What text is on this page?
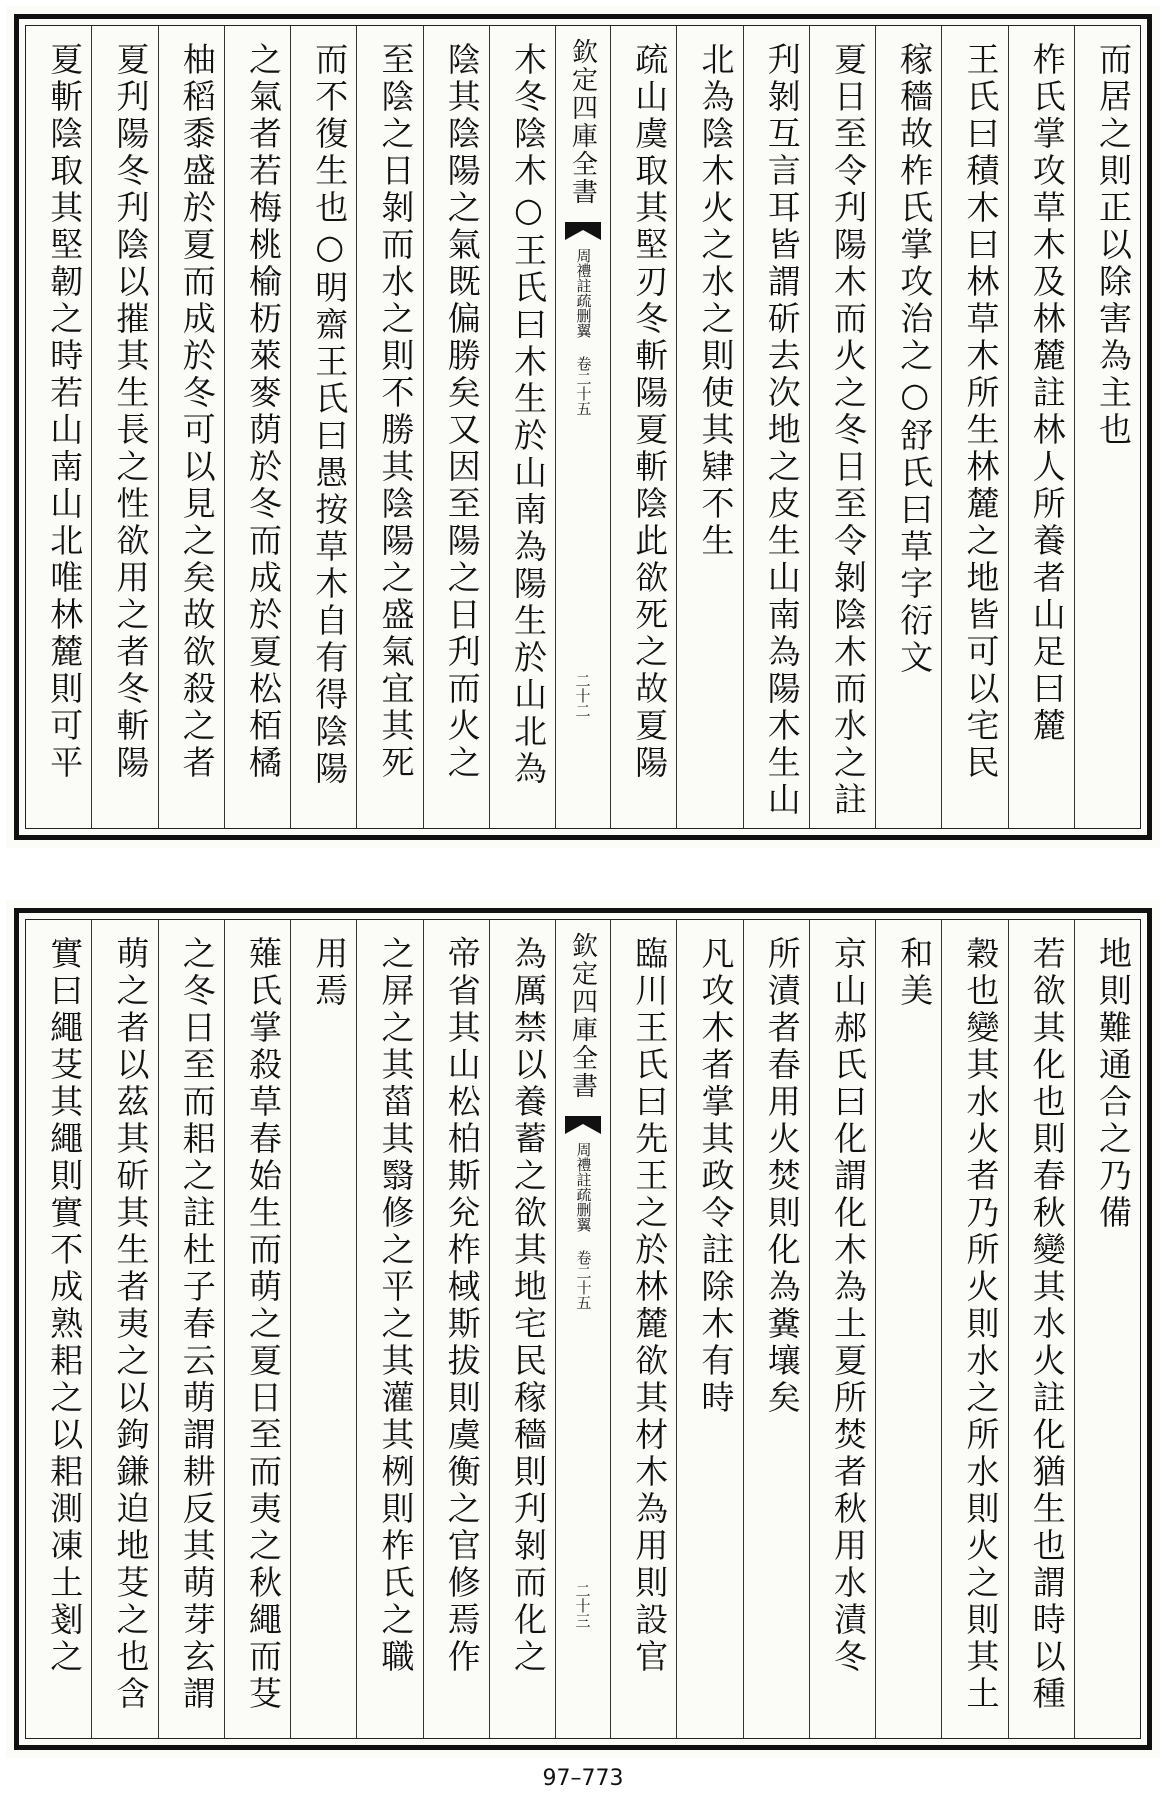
而居之則正以除害為主也
柞氏掌攻草木及林麓註林人所養者山足曰麓
王氏曰積木曰林草木所生林麓之地皆可以宅民
稼穡故柞氏掌攻治之○舒氏曰草字衍文
夏日至令刋陽木而火之冬日至令剝陰木而水之註
刋剝互言耳皆謂斫去次地之皮生山南為陽木生山
北為陰木火之水之則使其肄不生
疏山虞取其堅刃冬斬陽夏斬陰此欲死之故夏陽
欽定四庫全書
周禮註疏删翼 卷二十五
二十二
木冬陰木○王氏曰木生於山南為陽生於山北為
陰其陰陽之氣既偏勝矣又因至陽之日刋而火之
至陰之日剝而水之則不勝其陰陽之盛氣宜其死
而不復生也○明齋王氏曰愚按草木自有得陰陽
之氣者若梅桃榆杤萊麥荫於冬而成於夏松栢橘
柚稻黍盛於夏而成於冬可以見之矣故欲殺之者
夏刋陽冬刋陰以摧其生長之性欲用之者冬斬陽
夏斬陰取其堅韌之時若山南山北唯林麓則可平
地則難通合之乃備
若欲其化也則春秋變其水火註化猶生也謂時以種
穀也變其水火者乃所火則水之所水則火之則其土
和美
京山郝氏曰化謂化木為土夏所焚者秋用水漬冬
所漬者春用火焚則化為糞壤矣
凡攻木者掌其政令註除木有時
臨川王氏曰先王之於林麓欲其材木為用則設官
欽定四庫全書
周禮註疏删翼 卷二十五
二十三
為厲禁以養蓄之欲其地宅民稼穡則刋剝而化之
帝省其山松柏斯兊柞棫斯拔則虞衡之官修焉作
之屏之其菑其翳修之平之其灌其栵則柞氏之職
用焉
薙氏掌殺草春始生而萌之夏日至而夷之秋繩而芟
之冬日至而耜之註杜子春云萌謂耕反其萌芽玄謂
萌之者以茲其斫其生者夷之以鉤鎌迫地芟之也含
實曰繩芟其繩則實不成熟耜之以耜測凍土剗之
97–773
